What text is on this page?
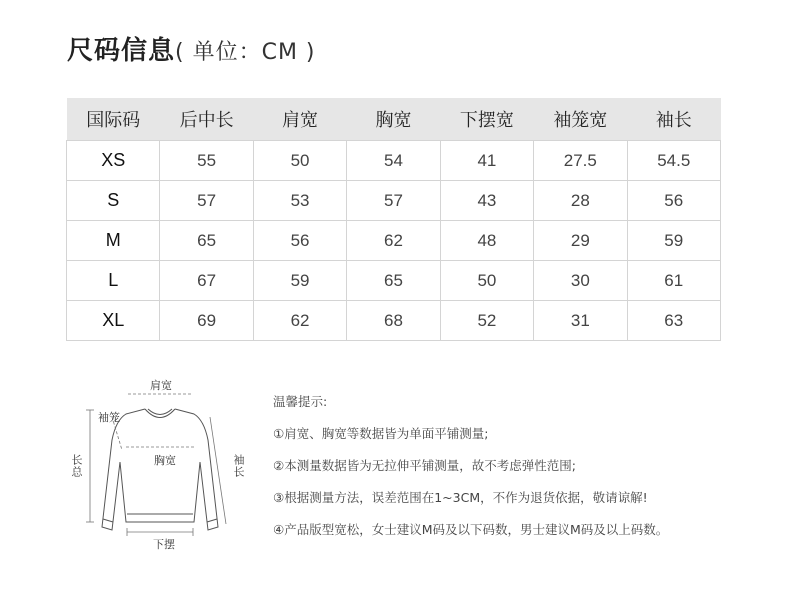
尺码信息( 单位：CM )
国际码	后中长	肩宽	胸宽	下摆宽	袖笼宽	袖长
XS	55	50	54	41	27.5	54.5
S	57	53	57	43	28	56
M	65	56	62	48	29	59
L	67	59	65	50	30	61
XL	69	62	68	52	31	63
肩宽
袖笼
胸宽
长总	袖长
下摆
温馨提示:
①肩宽、胸宽等数据皆为单面平铺测量;
②本测量数据皆为无拉伸平铺测量，故不考虑弹性范围;
③根据测量方法，误差范围在1~3CM，不作为退货依据，敬请谅解!
④产品版型宽松，女士建议M码及以下码数，男士建议M码及以上码数。
